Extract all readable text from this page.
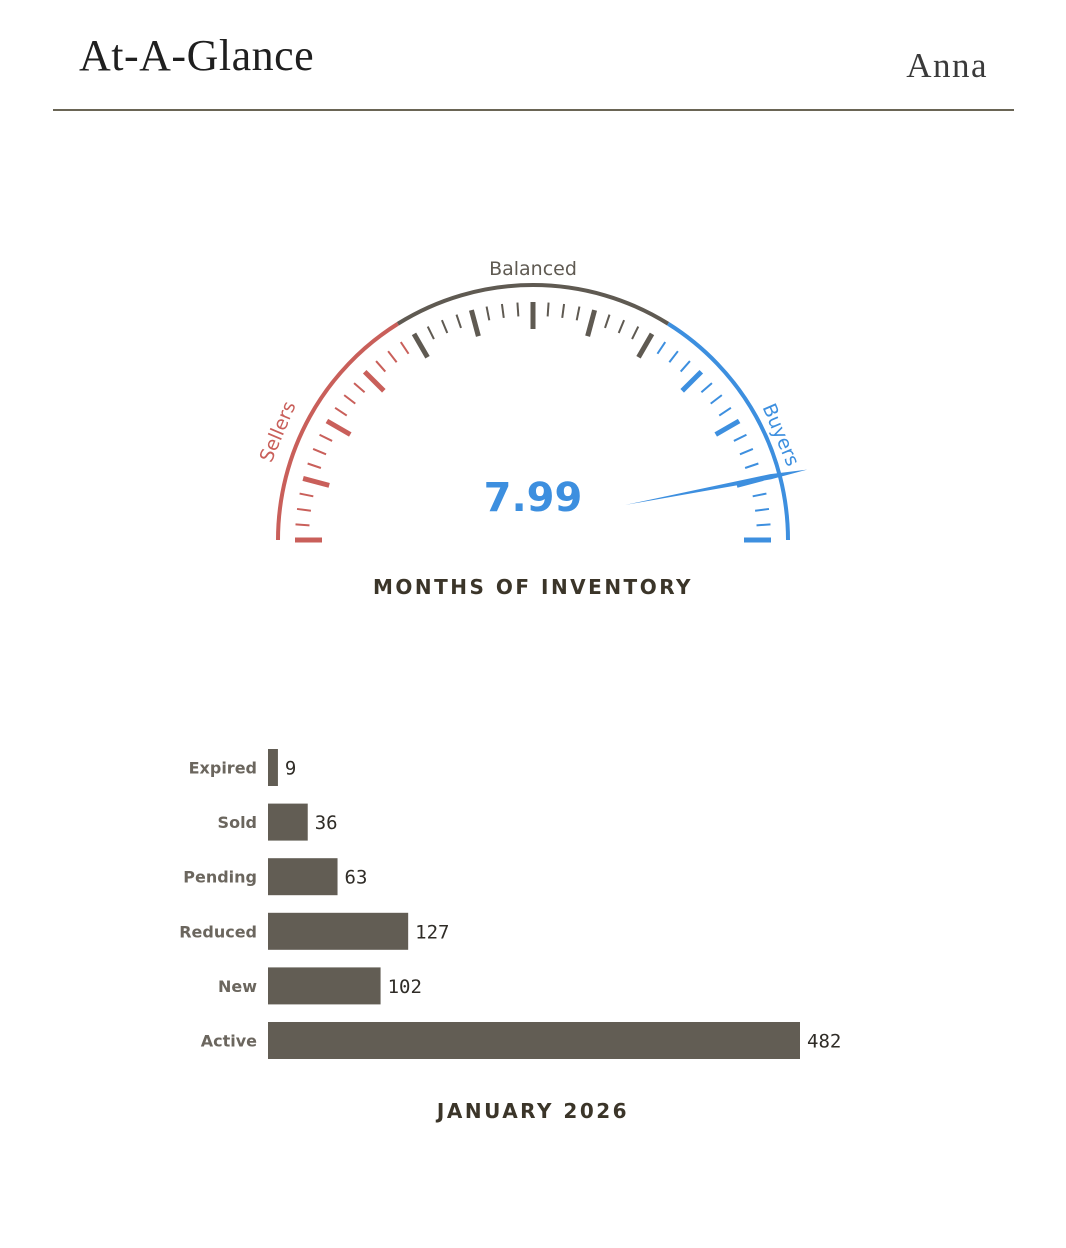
At-A-Glance	Anna
Balanced
Sellers	Buyers
7.99
MONTHS OF INVENTORY
Expired 9
Sold	36
Pending	63
Reduced	127
New	102
Active	482
JANUARY 2026
